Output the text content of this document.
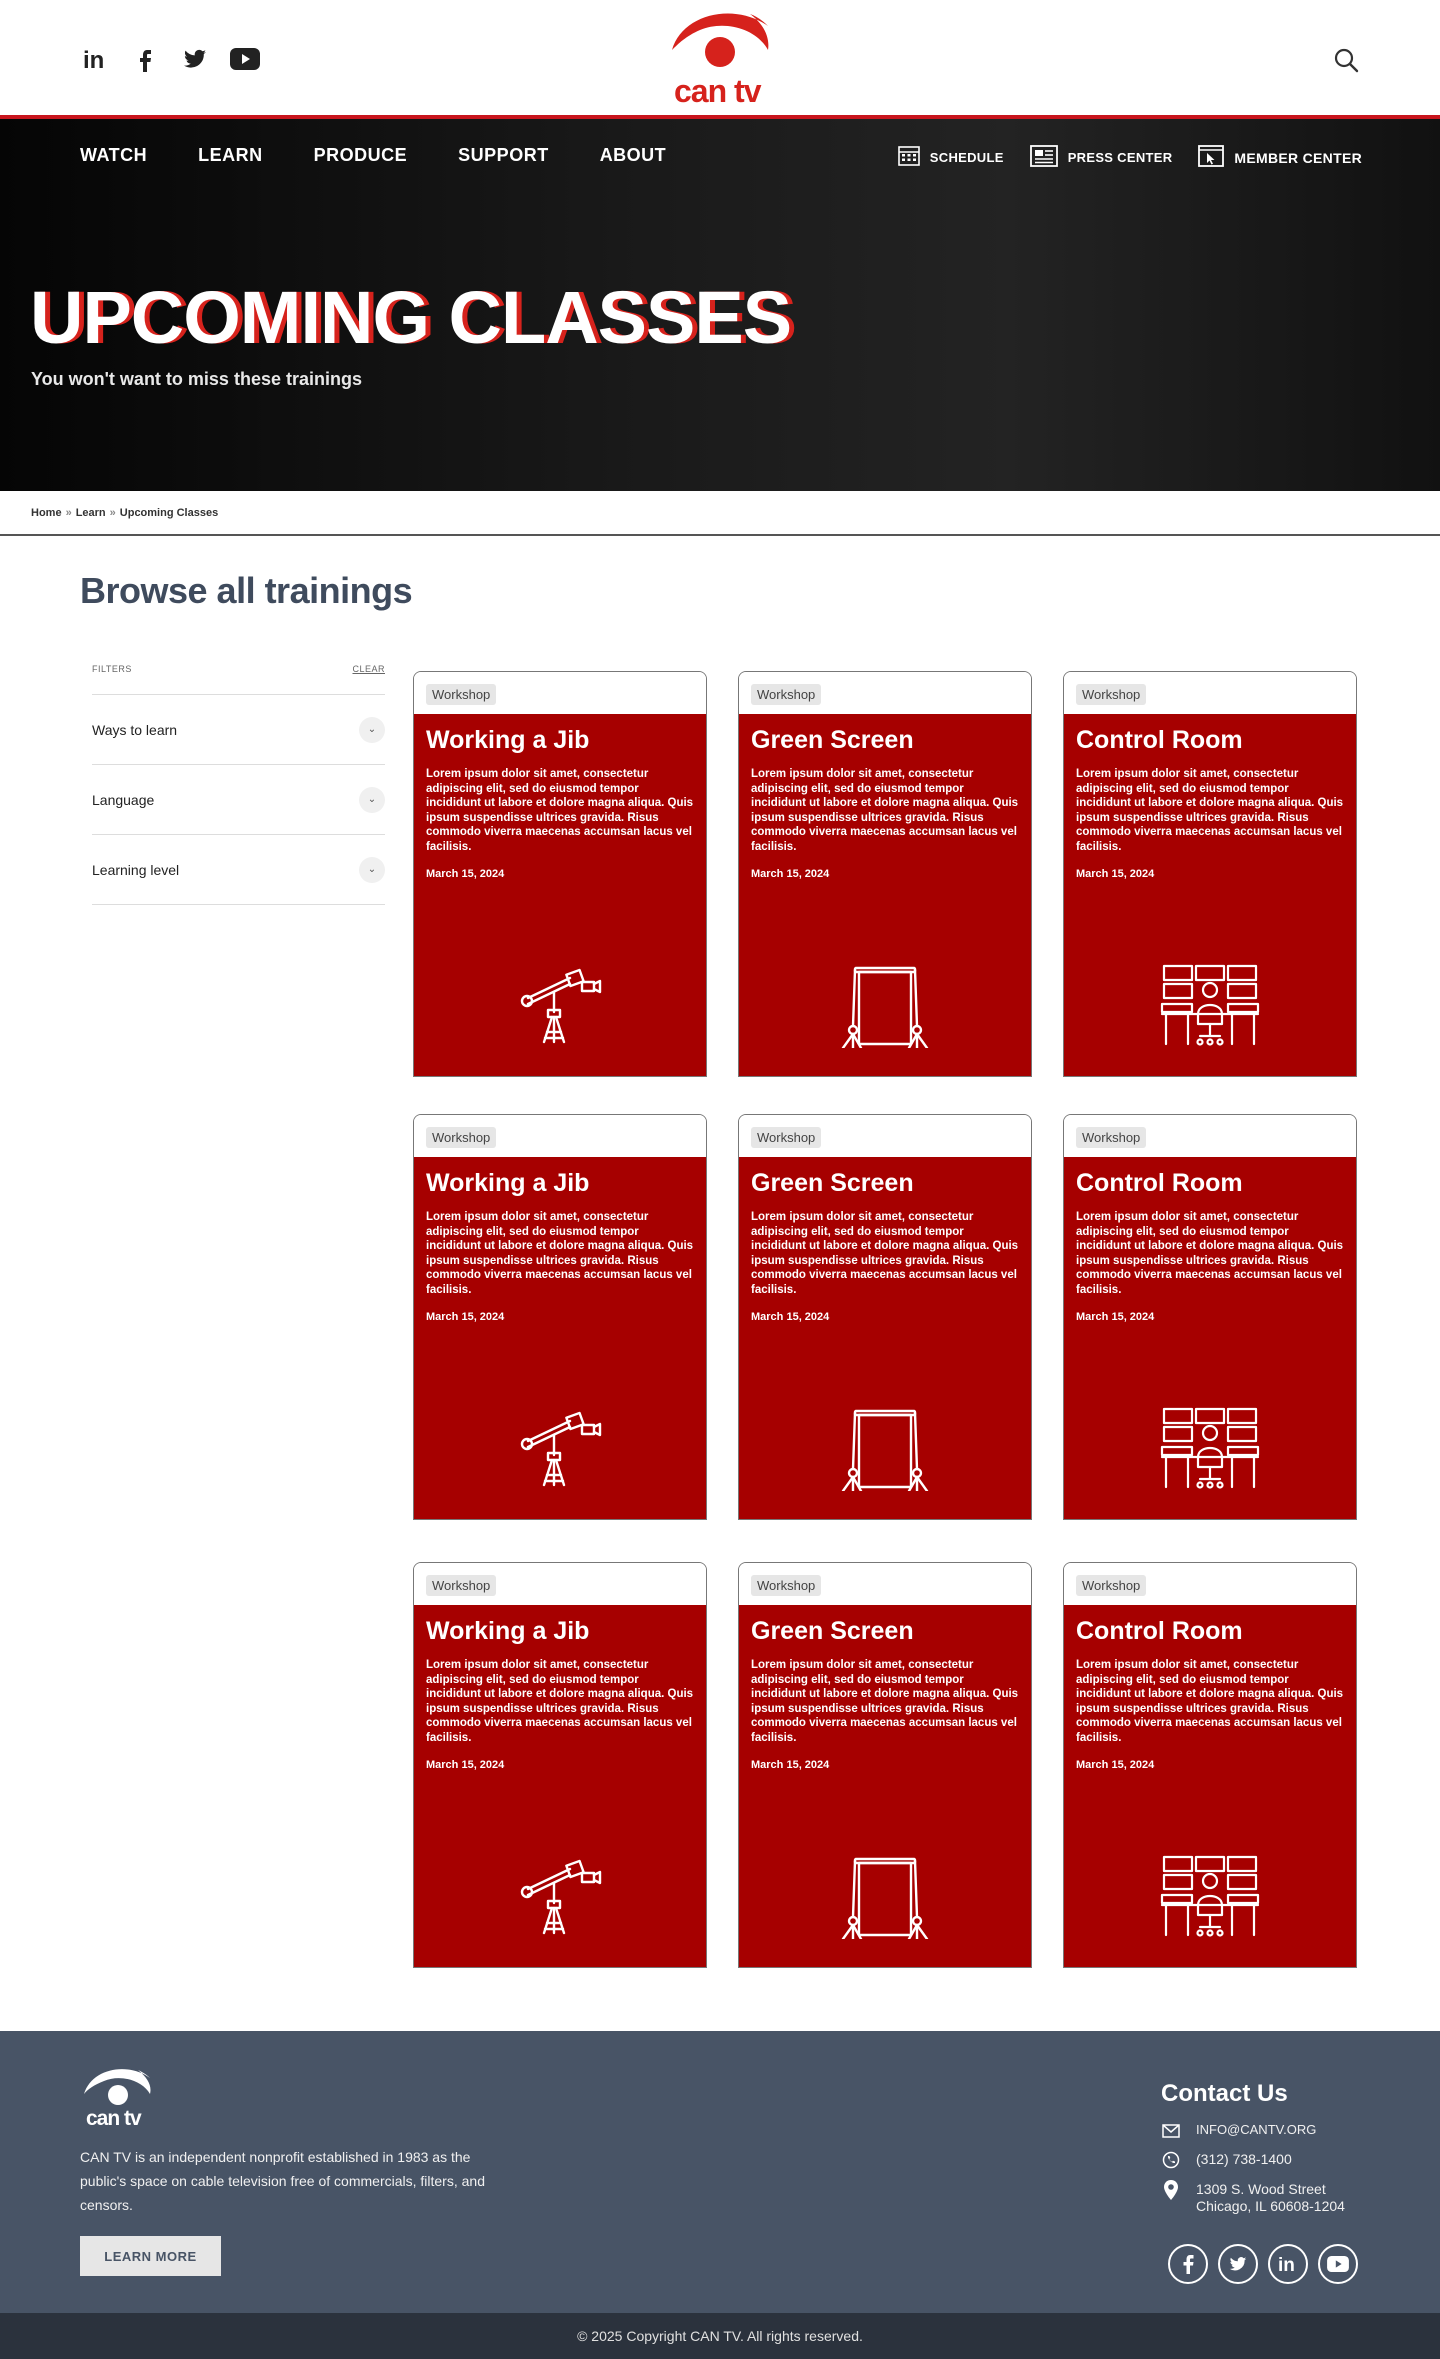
in
can tv
WATCH	LEARN	PRODUCE	SUPPORT	ABOUT	SCHEDULE	PRESS CENTER	MEMBER CENTER
UPCOMING CLASSES

You won't want to miss these trainings

Home » Learn » Upcoming Classes
Browse all trainings
FILTERS	CLEAR
Ways to learn	⌄
Language	⌄
Learning level	⌄
Workshop
Working a Jib
Lorem ipsum dolor sit amet, consectetur adipiscing elit, sed do eiusmod tempor incididunt ut labore et dolore magna aliqua. Quis ipsum suspendisse ultrices gravida. Risus commodo viverra maecenas accumsan lacus vel facilisis.
March 15, 2024
Workshop
Green Screen
Lorem ipsum dolor sit amet, consectetur adipiscing elit, sed do eiusmod tempor incididunt ut labore et dolore magna aliqua. Quis ipsum suspendisse ultrices gravida. Risus commodo viverra maecenas accumsan lacus vel facilisis.
March 15, 2024
Workshop
Control Room
Lorem ipsum dolor sit amet, consectetur adipiscing elit, sed do eiusmod tempor incididunt ut labore et dolore magna aliqua. Quis ipsum suspendisse ultrices gravida. Risus commodo viverra maecenas accumsan lacus vel facilisis.
March 15, 2024
Workshop
Working a Jib
Lorem ipsum dolor sit amet, consectetur adipiscing elit, sed do eiusmod tempor incididunt ut labore et dolore magna aliqua. Quis ipsum suspendisse ultrices gravida. Risus commodo viverra maecenas accumsan lacus vel facilisis.
March 15, 2024
Workshop
Green Screen
Lorem ipsum dolor sit amet, consectetur adipiscing elit, sed do eiusmod tempor incididunt ut labore et dolore magna aliqua. Quis ipsum suspendisse ultrices gravida. Risus commodo viverra maecenas accumsan lacus vel facilisis.
March 15, 2024
Workshop
Control Room
Lorem ipsum dolor sit amet, consectetur adipiscing elit, sed do eiusmod tempor incididunt ut labore et dolore magna aliqua. Quis ipsum suspendisse ultrices gravida. Risus commodo viverra maecenas accumsan lacus vel facilisis.
March 15, 2024
Workshop
Working a Jib
Lorem ipsum dolor sit amet, consectetur adipiscing elit, sed do eiusmod tempor incididunt ut labore et dolore magna aliqua. Quis ipsum suspendisse ultrices gravida. Risus commodo viverra maecenas accumsan lacus vel facilisis.
March 15, 2024
Workshop
Green Screen
Lorem ipsum dolor sit amet, consectetur adipiscing elit, sed do eiusmod tempor incididunt ut labore et dolore magna aliqua. Quis ipsum suspendisse ultrices gravida. Risus commodo viverra maecenas accumsan lacus vel facilisis.
March 15, 2024
Workshop
Control Room
Lorem ipsum dolor sit amet, consectetur adipiscing elit, sed do eiusmod tempor incididunt ut labore et dolore magna aliqua. Quis ipsum suspendisse ultrices gravida. Risus commodo viverra maecenas accumsan lacus vel facilisis.
March 15, 2024
can tv

CAN TV is an independent nonprofit established in 1983 as the public's space on cable television free of commercials, filters, and censors.

LEARN MORE
Contact Us
INFO@CANTV.ORG
(312) 738-1400
1309 S. Wood Street
Chicago, IL 60608-1204
in
© 2025 Copyright CAN TV. All rights reserved.
